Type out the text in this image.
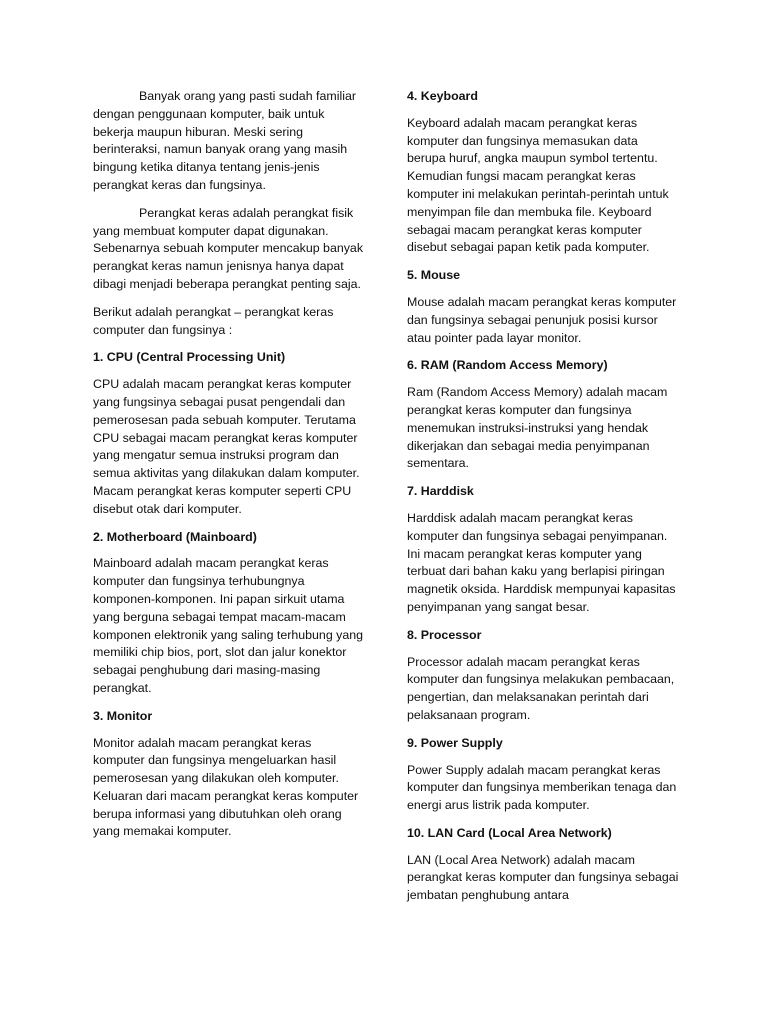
Banyak orang yang pasti sudah familiar dengan penggunaan komputer, baik untuk bekerja maupun hiburan. Meski sering berinteraksi, namun banyak orang yang masih bingung ketika ditanya tentang jenis-jenis perangkat keras dan fungsinya.

Perangkat keras adalah perangkat fisik yang membuat komputer dapat digunakan. Sebenarnya sebuah komputer mencakup banyak perangkat keras namun jenisnya hanya dapat dibagi menjadi beberapa perangkat penting saja.

Berikut adalah perangkat – perangkat keras computer dan fungsinya :

1. CPU (Central Processing Unit)

CPU adalah macam perangkat keras komputer yang fungsinya sebagai pusat pengendali dan pemerosesan pada sebuah komputer. Terutama CPU sebagai macam perangkat keras komputer yang mengatur semua instruksi program dan semua aktivitas yang dilakukan dalam komputer. Macam perangkat keras komputer seperti CPU disebut otak dari komputer.

2. Motherboard (Mainboard)

Mainboard adalah macam perangkat keras komputer dan fungsinya terhubungnya komponen-komponen. Ini papan sirkuit utama yang berguna sebagai tempat macam-macam komponen elektronik yang saling terhubung yang memiliki chip bios, port, slot dan jalur konektor sebagai penghubung dari masing-masing perangkat.

3. Monitor

Monitor adalah macam perangkat keras komputer dan fungsinya mengeluarkan hasil pemerosesan yang dilakukan oleh komputer. Keluaran dari macam perangkat keras komputer berupa informasi yang dibutuhkan oleh orang yang memakai komputer.

4. Keyboard

Keyboard adalah macam perangkat keras komputer dan fungsinya memasukan data berupa huruf, angka maupun symbol tertentu. Kemudian fungsi macam perangkat keras komputer ini melakukan perintah-perintah untuk menyimpan file dan membuka file. Keyboard sebagai macam perangkat keras komputer disebut sebagai papan ketik pada komputer.

5. Mouse

Mouse adalah macam perangkat keras komputer dan fungsinya sebagai penunjuk posisi kursor atau pointer pada layar monitor.

6. RAM (Random Access Memory)

Ram (Random Access Memory) adalah macam perangkat keras komputer dan fungsinya menemukan instruksi-instruksi yang hendak dikerjakan dan sebagai media penyimpanan sementara.

7. Harddisk

Harddisk adalah macam perangkat keras komputer dan fungsinya sebagai penyimpanan. Ini macam perangkat keras komputer yang terbuat dari bahan kaku yang berlapisi piringan magnetik oksida. Harddisk mempunyai kapasitas penyimpanan yang sangat besar.

8. Processor

Processor adalah macam perangkat keras komputer dan fungsinya melakukan pembacaan, pengertian, dan melaksanakan perintah dari pelaksanaan program.

9. Power Supply

Power Supply adalah macam perangkat keras komputer dan fungsinya memberikan tenaga dan energi arus listrik pada komputer.

10. LAN Card (Local Area Network)

LAN (Local Area Network) adalah macam perangkat keras komputer dan fungsinya sebagai jembatan penghubung antara
